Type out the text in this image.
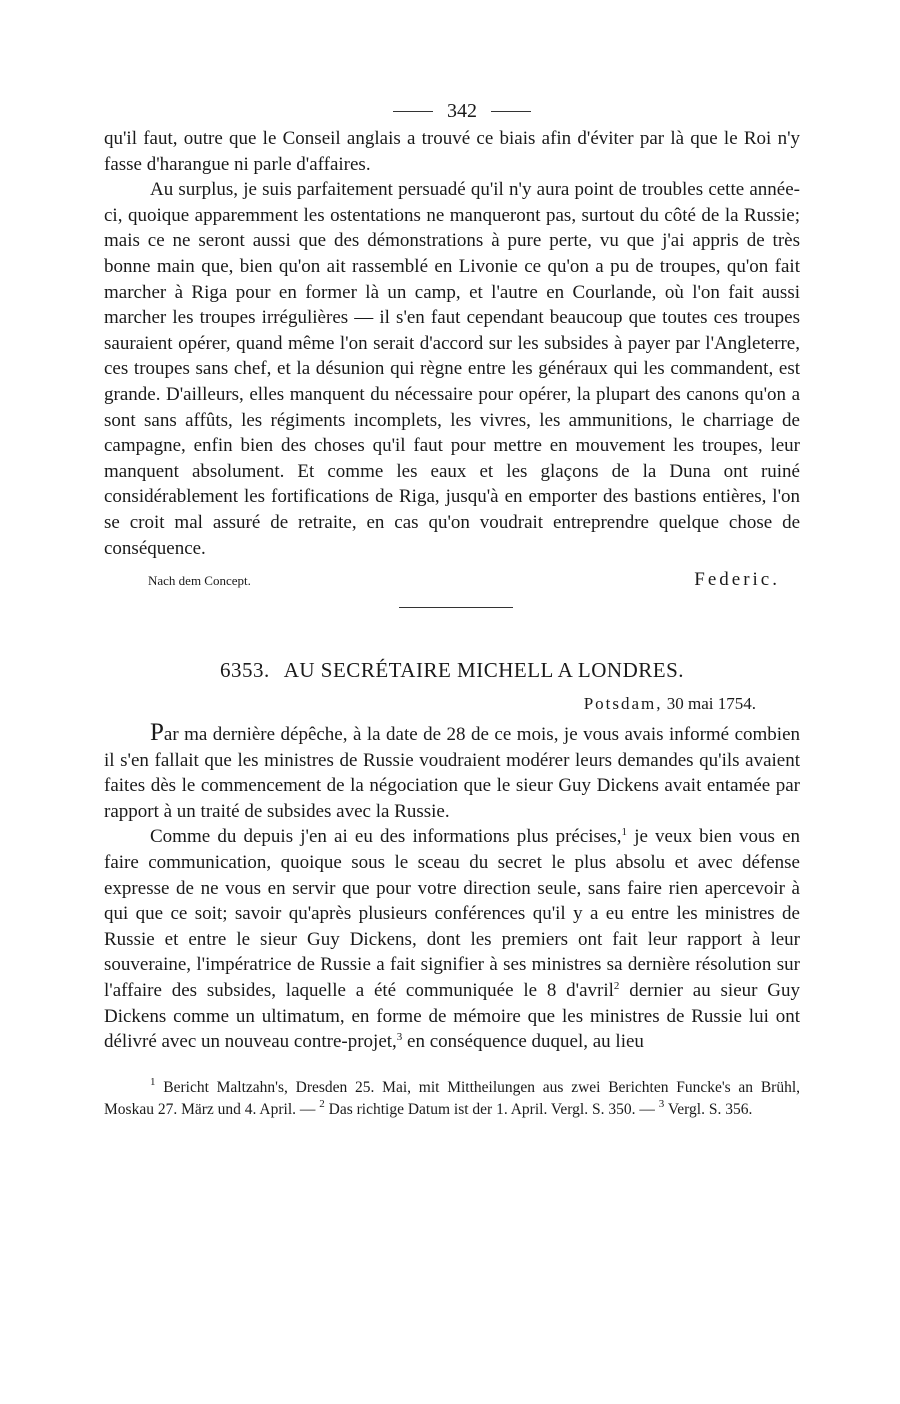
342

qu'il faut, outre que le Conseil anglais a trouvé ce biais afin d'éviter par là que le Roi n'y fasse d'harangue ni parle d'affaires.

Au surplus, je suis parfaitement persuadé qu'il n'y aura point de troubles cette année-ci, quoique apparemment les ostentations ne manqueront pas, surtout du côté de la Russie; mais ce ne seront aussi que des démonstrations à pure perte, vu que j'ai appris de très bonne main que, bien qu'on ait rassemblé en Livonie ce qu'on a pu de troupes, qu'on fait marcher à Riga pour en former là un camp, et l'autre en Courlande, où l'on fait aussi marcher les troupes irrégulières — il s'en faut cependant beaucoup que toutes ces troupes sauraient opérer, quand même l'on serait d'accord sur les subsides à payer par l'Angleterre, ces troupes sans chef, et la désunion qui règne entre les généraux qui les commandent, est grande. D'ailleurs, elles manquent du nécessaire pour opérer, la plupart des canons qu'on a sont sans affûts, les régiments incomplets, les vivres, les ammunitions, le charriage de campagne, enfin bien des choses qu'il faut pour mettre en mouvement les troupes, leur manquent absolument. Et comme les eaux et les glaçons de la Duna ont ruiné considérablement les fortifications de Riga, jusqu'à en emporter des bastions entières, l'on se croit mal assuré de retraite, en cas qu'on voudrait entreprendre quelque chose de conséquence.

Nach dem Concept.	Federic.
6353. AU SECRÉTAIRE MICHELL A LONDRES.
Potsdam, 30 mai 1754.

Par ma dernière dépêche, à la date de 28 de ce mois, je vous avais informé combien il s'en fallait que les ministres de Russie voudraient modérer leurs demandes qu'ils avaient faites dès le commencement de la négociation que le sieur Guy Dickens avait entamée par rapport à un traité de subsides avec la Russie.

Comme du depuis j'en ai eu des informations plus précises,$^1$ je veux bien vous en faire communication, quoique sous le sceau du secret le plus absolu et avec défense expresse de ne vous en servir que pour votre direction seule, sans faire rien apercevoir à qui que ce soit; savoir qu'après plusieurs conférences qu'il y a eu entre les ministres de Russie et entre le sieur Guy Dickens, dont les premiers ont fait leur rapport à leur souveraine, l'impératrice de Russie a fait signifier à ses ministres sa dernière résolution sur l'affaire des subsides, laquelle a été communiquée le 8 d'avril$^2$ dernier au sieur Guy Dickens comme un ultimatum, en forme de mémoire que les ministres de Russie lui ont délivré avec un nouveau contre-projet,$^3$ en conséquence duquel, au lieu

$^1$ Bericht Maltzahn's, Dresden 25. Mai, mit Mittheilungen aus zwei Berichten Funcke's an Brühl, Moskau 27. März und 4. April. — $^2$ Das richtige Datum ist der 1. April. Vergl. S. 350. — $^3$ Vergl. S. 356.
